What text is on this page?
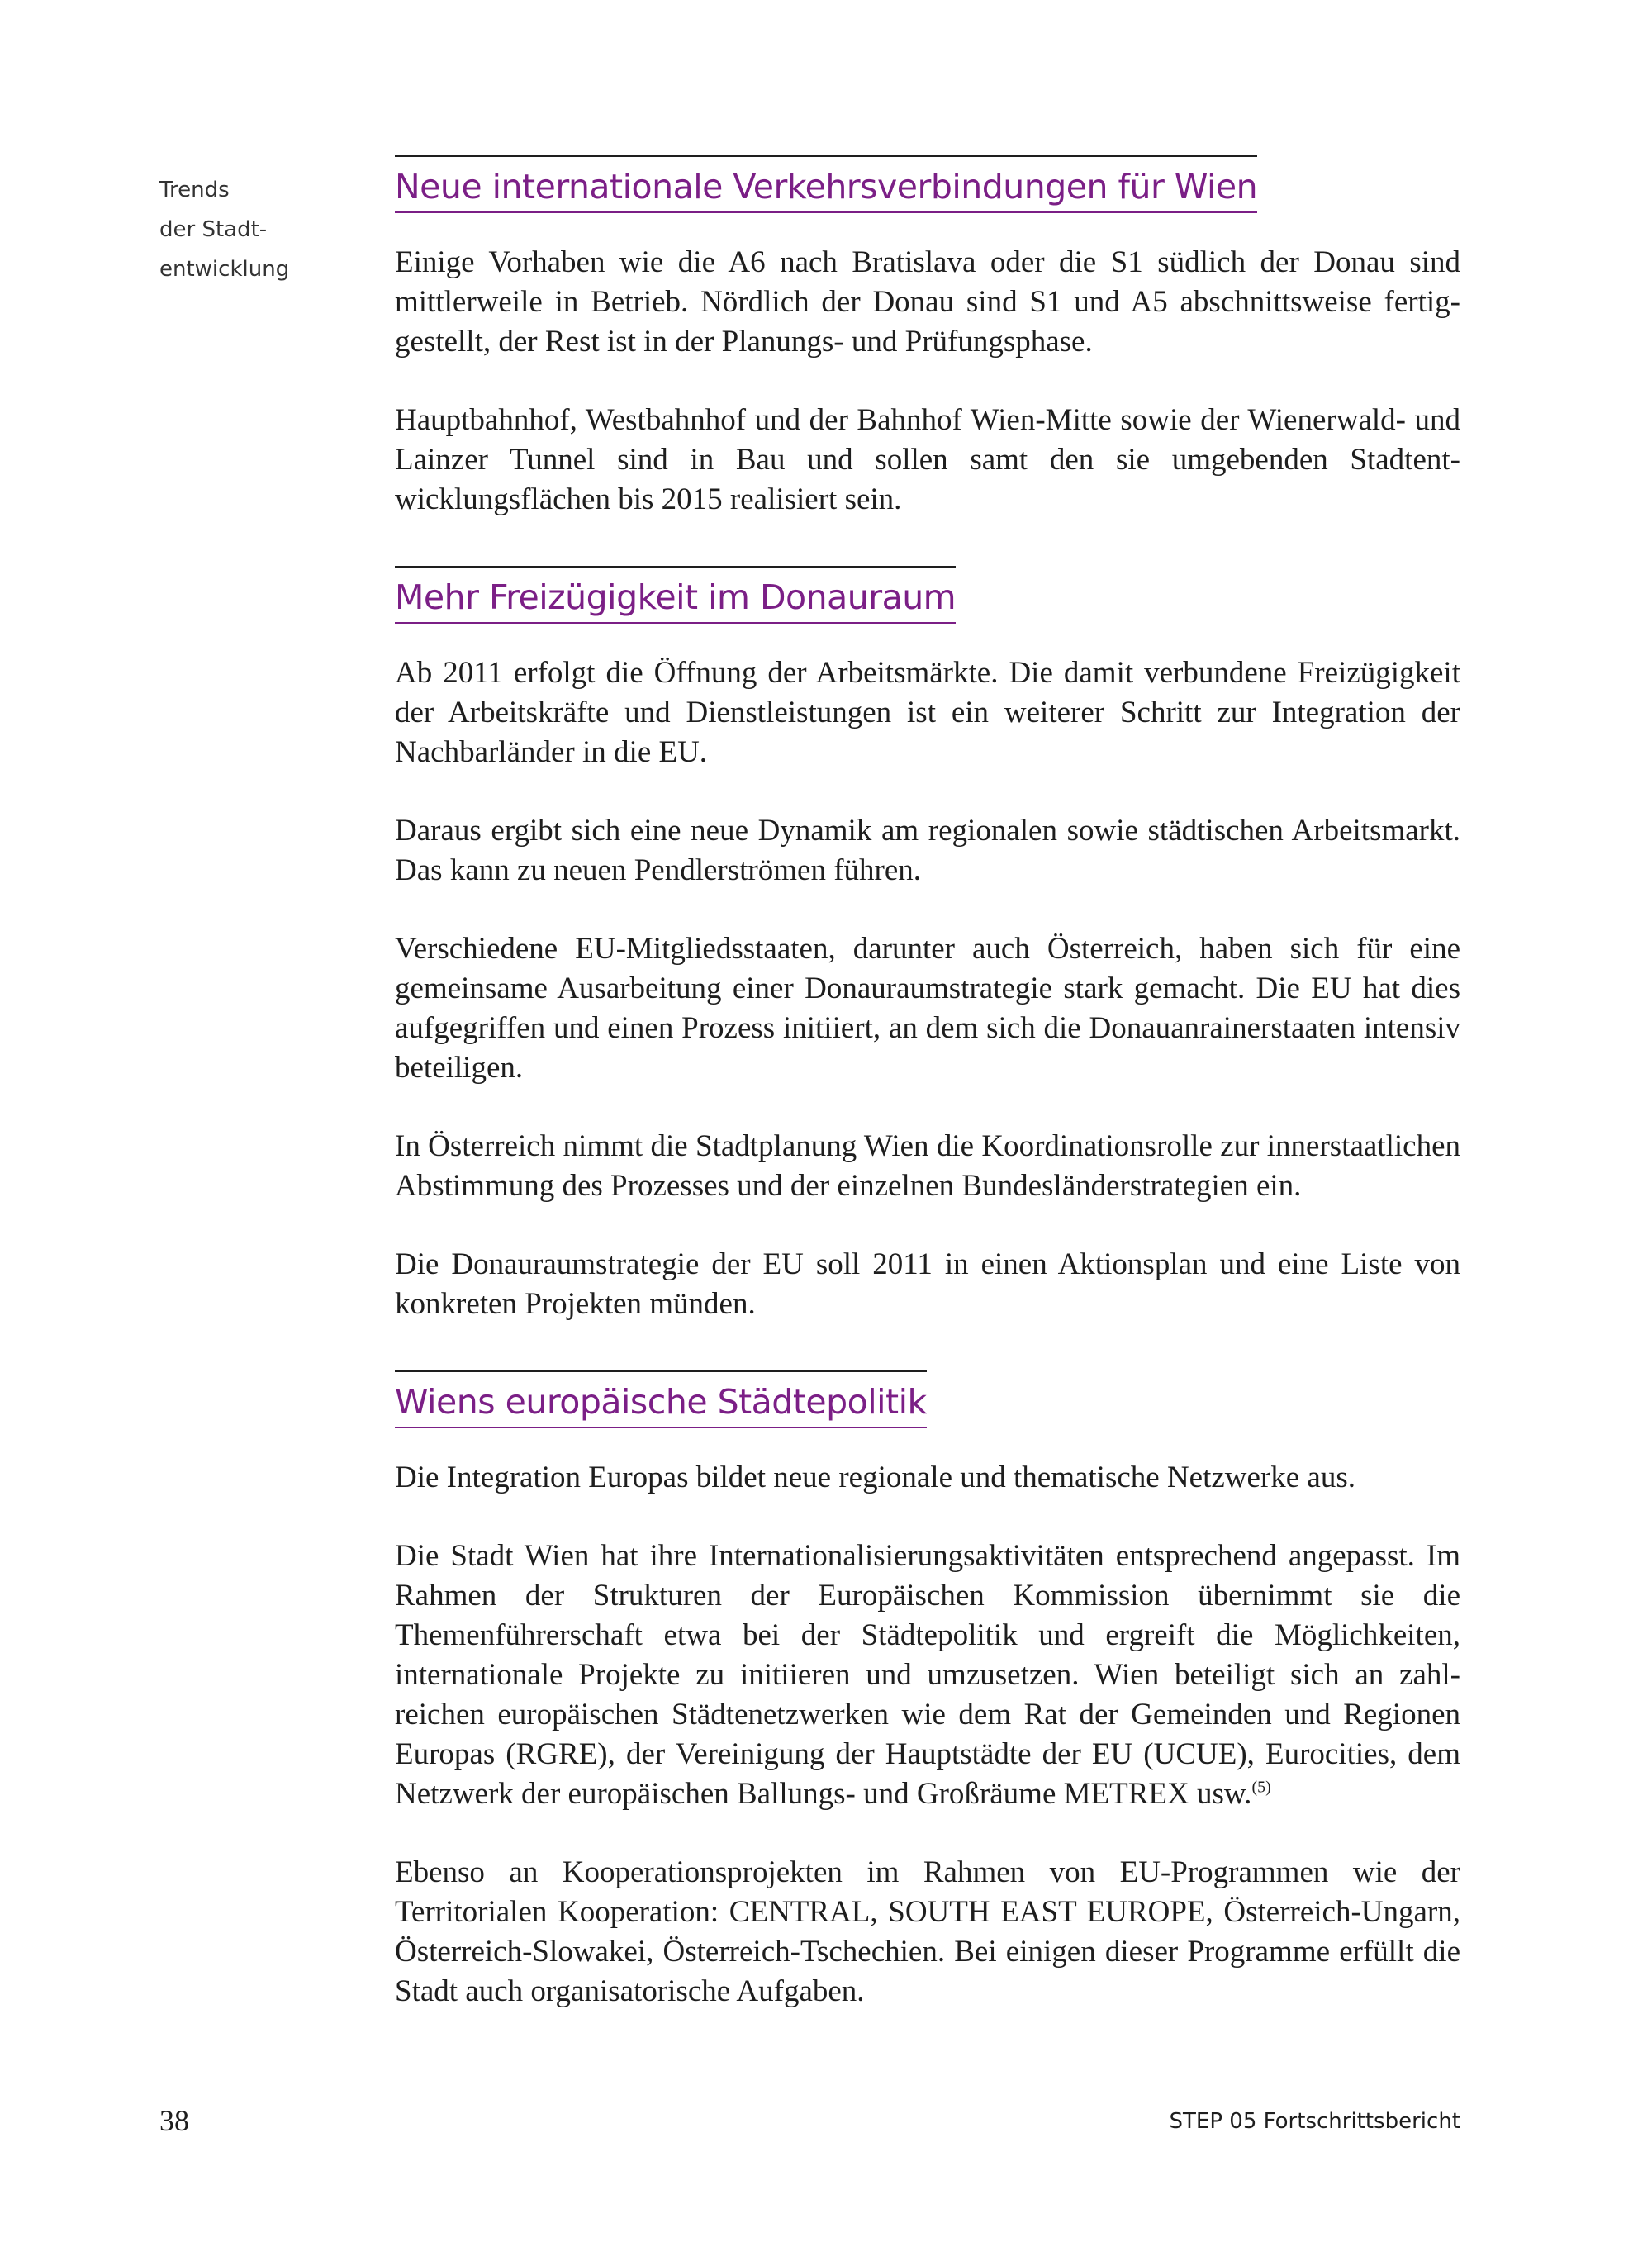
Trends
der Stadt-
entwicklung
Neue internationale Verkehrsverbindungen für Wien

Einige Vorhaben wie die A6 nach Bratislava oder die S1 südlich der Donau sind mittlerweile in Betrieb. Nördlich der Donau sind S1 und A5 abschnittsweise fertiggestellt, der Rest ist in der Planungs- und Prüfungsphase.

Hauptbahnhof, Westbahnhof und der Bahnhof Wien-Mitte sowie der Wienerwald- und Lainzer Tunnel sind in Bau und sollen samt den sie umgebenden Stadtentwicklungsflächen bis 2015 realisiert sein.

Mehr Freizügigkeit im Donauraum

Ab 2011 erfolgt die Öffnung der Arbeitsmärkte. Die damit verbundene Freizügigkeit der Arbeitskräfte und Dienstleistungen ist ein weiterer Schritt zur Integration der Nachbarländer in die EU.

Daraus ergibt sich eine neue Dynamik am regionalen sowie städtischen Arbeitsmarkt. Das kann zu neuen Pendlerströmen führen.

Verschiedene EU-Mitgliedsstaaten, darunter auch Österreich, haben sich für eine gemeinsame Ausarbeitung einer Donauraumstrategie stark gemacht. Die EU hat dies aufgegriffen und einen Prozess initiiert, an dem sich die Donauanrainerstaaten intensiv beteiligen.

In Österreich nimmt die Stadtplanung Wien die Koordinationsrolle zur innerstaatlichen Abstimmung des Prozesses und der einzelnen Bundesländerstrategien ein.

Die Donauraumstrategie der EU soll 2011 in einen Aktionsplan und eine Liste von konkreten Projekten münden.

Wiens europäische Städtepolitik

Die Integration Europas bildet neue regionale und thematische Netzwerke aus.

Die Stadt Wien hat ihre Internationalisierungsaktivitäten entsprechend angepasst. Im Rahmen der Strukturen der Europäischen Kommission übernimmt sie die Themenführerschaft etwa bei der Städtepolitik und ergreift die Möglichkeiten, internationale Projekte zu initiieren und umzusetzen. Wien beteiligt sich an zahlreichen europäischen Städtenetzwerken wie dem Rat der Gemeinden und Regionen Europas (RGRE), der Vereinigung der Hauptstädte der EU (UCUE), Eurocities, dem Netzwerk der europäischen Ballungs- und Großräume METREX usw.$^{(5)}$

Ebenso an Kooperationsprojekten im Rahmen von EU-Programmen wie der Territorialen Kooperation: CENTRAL, SOUTH EAST EUROPE, Österreich-Ungarn, Österreich-Slowakei, Österreich-Tschechien. Bei einigen dieser Programme erfüllt die Stadt auch organisatorische Aufgaben.

38	STEP 05 Fortschrittsbericht
